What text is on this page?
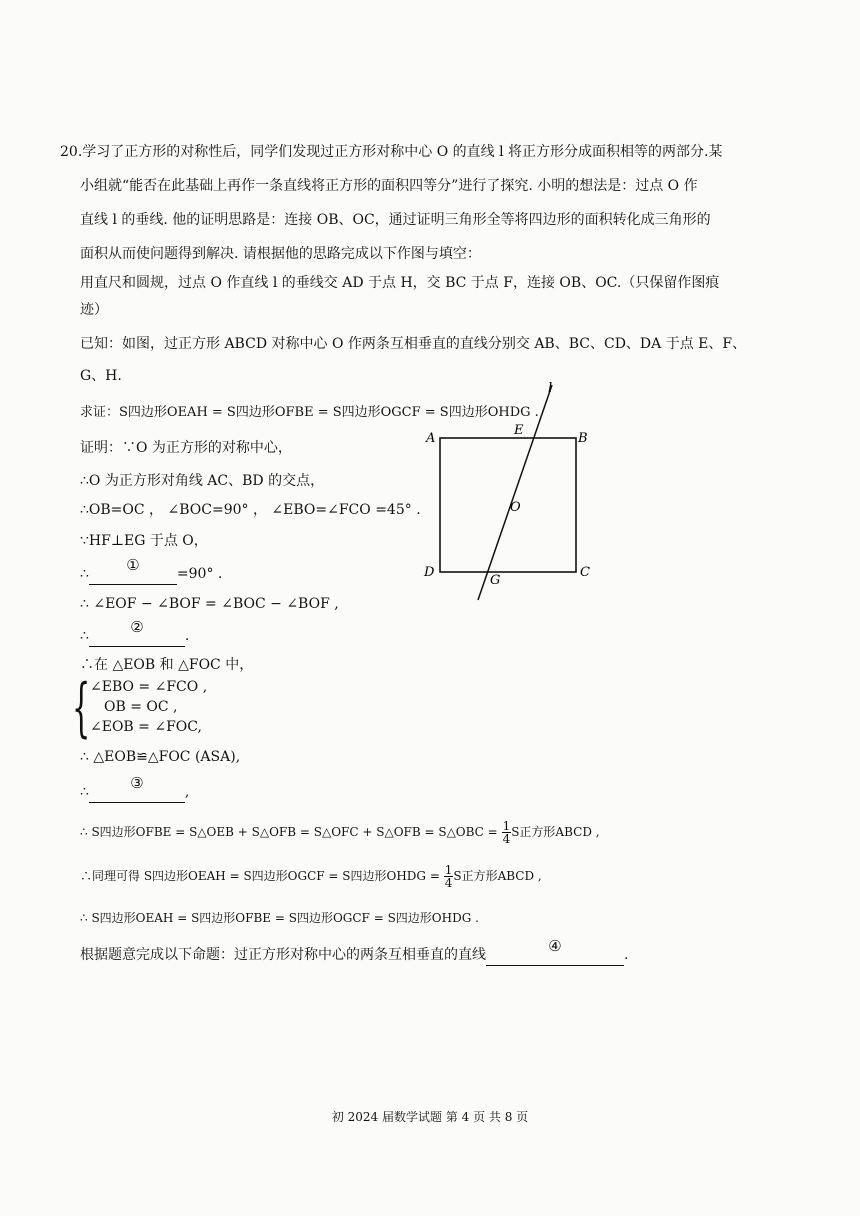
20.学习了正方形的对称性后，同学们发现过正方形对称中心 O 的直线 l 将正方形分成面积相等的两部分.某
小组就“能否在此基础上再作一条直线将正方形的面积四等分”进行了探究. 小明的想法是：过点 O 作
直线 l 的垂线. 他的证明思路是：连接 OB、OC，通过证明三角形全等将四边形的面积转化成三角形的
面积从而使问题得到解决. 请根据他的思路完成以下作图与填空：
用直尺和圆规，过点 O 作直线 l 的垂线交 AD 于点 H，交 BC 于点 F，连接 OB、OC.（只保留作图痕
迹）
已知：如图，过正方形 ABCD 对称中心 O 作两条互相垂直的直线分别交 AB、BC、CD、DA 于点 E、F、
G、H.
求证：S四边形OEAH = S四边形OFBE = S四边形OGCF = S四边形OHDG .
证明：∵O 为正方形的对称中心，
∴O 为正方形对角线 AC、BD 的交点，
∴OB=OC ， ∠BOC=90° ， ∠EBO=∠FCO =45° .
∵HF⊥EG 于点 O，
∴ ①	=90° .
∴ ∠EOF − ∠BOF = ∠BOC − ∠BOF ,
∴	②	.
∴在 △EOB 和 △FOC 中，
{ ∠EBO = ∠FCO ,
OB = OC ,
∠EOB = ∠FOC,
∴ △EOB≌△FOC (ASA),
∴	③	,
∴ S四边形OFBE = S△OEB + S△OFB = S△OFC + S△OFB = S△OBC = $\frac{1}{4}$ S正方形ABCD ,
∴同理可得 S四边形OEAH = S四边形OGCF = S四边形OHDG = $\frac{1}{4}$ S正方形ABCD ,
∴ S四边形OEAH = S四边形OFBE = S四边形OGCF = S四边形OHDG .
根据题意完成以下命题：过正方形对称中心的两条互相垂直的直线	④	.
A	B
C
D
E
G
O
l
初 2024 届数学试题 第 4 页 共 8 页
